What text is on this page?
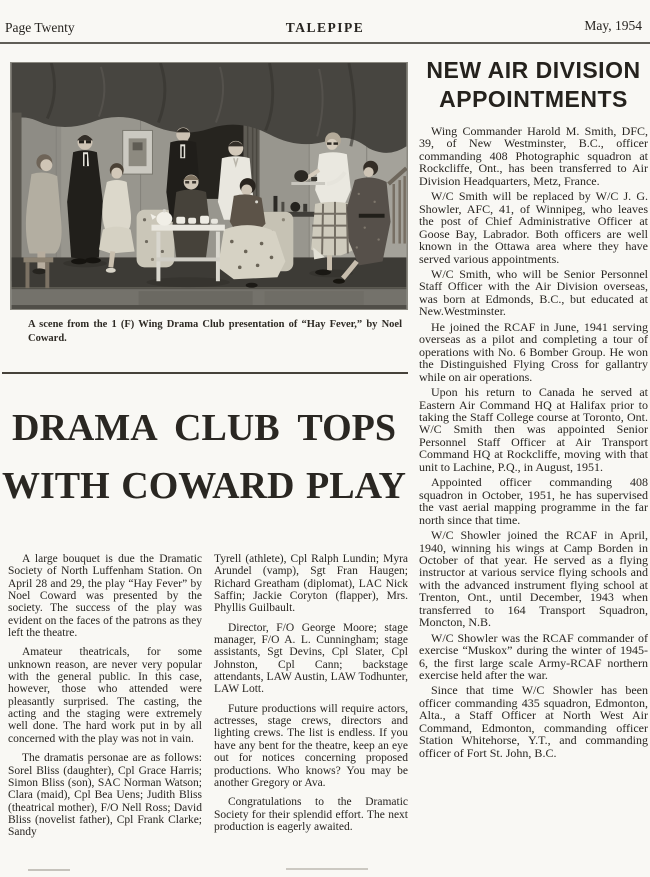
Page Twenty	TALEPIPE	May, 1954
A scene from the 1 (F) Wing Drama Club presentation of “Hay Fever,” by Noel Coward.
DRAMA CLUB TOPS
WITH COWARD PLAY

A large bouquet is due the Dramatic Society of North Luffenham Station. On April 28 and 29, the play “Hay Fever” by Noel Coward was presented by the society. The success of the play was evident on the faces of the patrons as they left the theatre.

Amateur theatricals, for some unknown reason, are never very popular with the general public. In this case, however, those who attended were pleasantly surprised. The casting, the acting and the staging were extremely well done. The hard work put in by all concerned with the play was not in vain.

The dramatis personae are as follows: Sorel Bliss (daughter), Cpl Grace Harris; Simon Bliss (son), SAC Norman Watson; Clara (maid), Cpl Bea Uens; Judith Bliss (theatrical mother), F/O Nell Ross; David Bliss (novelist father), Cpl Frank Clarke; Sandy

Tyrell (athlete), Cpl Ralph Lundin; Myra Arundel (vamp), Sgt Fran Haugen; Richard Greatham (diplomat), LAC Nick Saffin; Jackie Coryton (flapper), Mrs. Phyllis Guilbault.

Director, F/O George Moore; stage manager, F/O A. L. Cunningham; stage assistants, Sgt Devins, Cpl Slater, Cpl Johnston, Cpl Cann; backstage attendants, LAW Austin, LAW Todhunter, LAW Lott.

Future productions will require actors, actresses, stage crews, directors and lighting crews. The list is endless. If you have any bent for the theatre, keep an eye out for notices concerning proposed productions. Who knows? You may be another Gregory or Ava.

Congratulations to the Dramatic Society for their splendid effort. The next production is eagerly awaited.

NEW AIR DIVISION
APPOINTMENTS

Wing Commander Harold M. Smith, DFC, 39, of New Westminster, B.C., officer commanding 408 Photographic squadron at Rockcliffe, Ont., has been transferred to Air Division Headquarters, Metz, France.

W/C Smith will be replaced by W/C J. G. Showler, AFC, 41, of Winnipeg, who leaves the post of Chief Administrative Officer at Goose Bay, Labrador. Both officers are well known in the Ottawa area where they have served various appointments.

W/C Smith, who will be Senior Personnel Staff Officer with the Air Division overseas, was born at Edmonds, B.C., but educated at New.Westminster.

He joined the RCAF in June, 1941 serving overseas as a pilot and completing a tour of operations with No. 6 Bomber Group. He won the Distinguished Flying Cross for gallantry while on air operations.

Upon his return to Canada he served at Eastern Air Command HQ at Halifax prior to taking the Staff College course at Toronto, Ont. W/C Smith then was appointed Senior Personnel Staff Officer at Air Transport Command HQ at Rockcliffe, moving with that unit to Lachine, P.Q., in August, 1951.

Appointed officer commanding 408 squadron in October, 1951, he has supervised the vast aerial mapping programme in the far north since that time.

W/C Showler joined the RCAF in April, 1940, winning his wings at Camp Borden in October of that year. He served as a flying instructor at various service flying schools and with the advanced instrument flying school at Trenton, Ont., until December, 1943 when transferred to 164 Transport Squadron, Moncton, N.B.

W/C Showler was the RCAF commander of exercise “Muskox” during the winter of 1945-6, the first large scale Army-RCAF northern exercise held after the war.

Since that time W/C Showler has been officer commanding 435 squadron, Edmonton, Alta., a Staff Officer at North West Air Command, Edmonton, commanding officer Station Whitehorse, Y.T., and commanding officer of Fort St. John, B.C.
